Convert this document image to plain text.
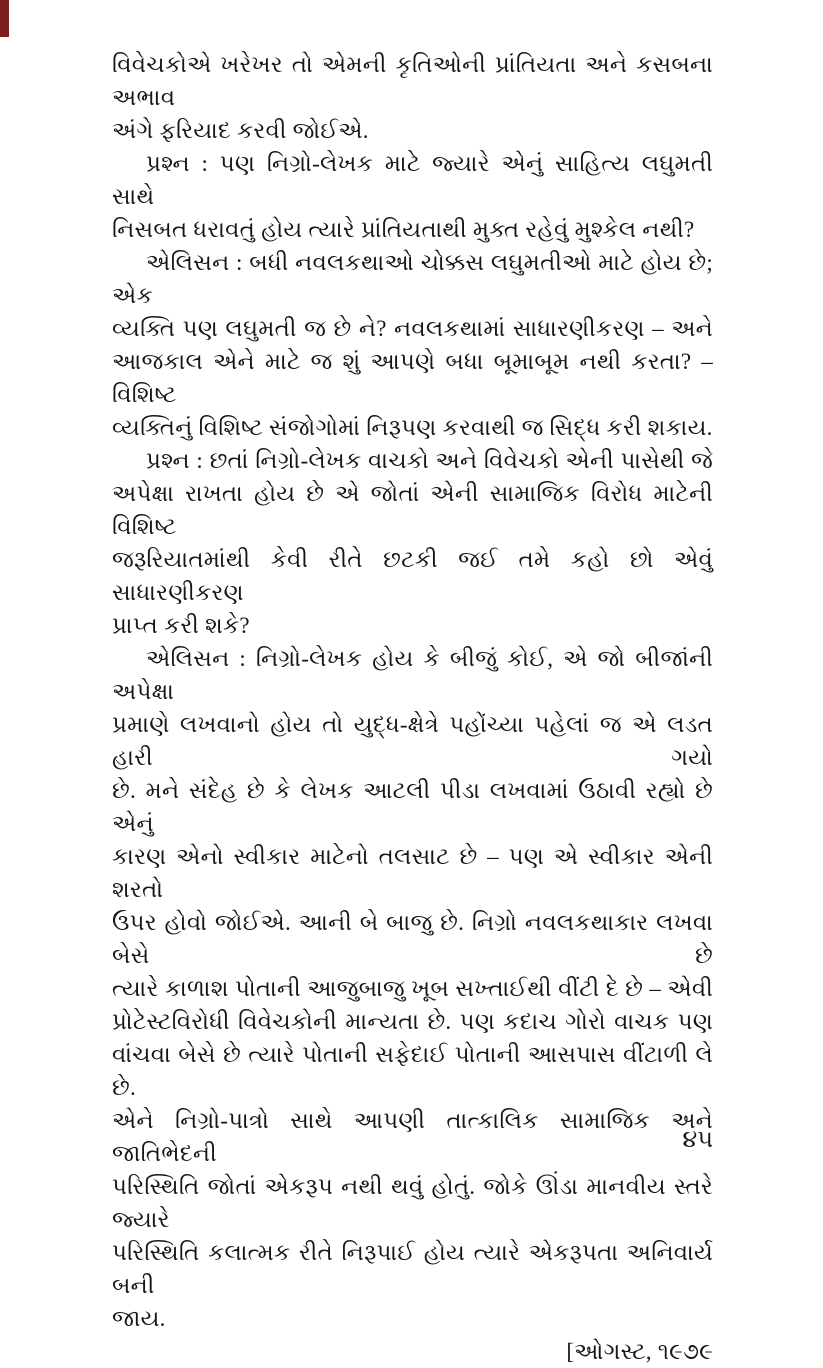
વિવેચકોએ ખરેખર તો એમની કૃતિઓની પ્રાંતિયતા અને કસબના અભાવ
અંગે ફરિયાદ કરવી જોઈએ.
પ્રશ્ન : પણ નિગ્રો-લેખક માટે જ્યારે એનું સાહિત્ય લઘુમતી સાથે
નિસબત ધરાવતું હોય ત્યારે પ્રાંતિયતાથી મુક્ત રહેવું મુશ્કેલ નથી?
એલિસન : બધી નવલકથાઓ ચોક્કસ લઘુમતીઓ માટે હોય છે; એક
વ્યક્તિ પણ લઘુમતી જ છે ને? નવલકથામાં સાધારણીકરણ – અને
આજકાલ એને માટે જ શું આપણે બધા બૂમાબૂમ નથી કરતા? – વિશિષ્ટ
વ્યક્તિનું વિશિષ્ટ સંજોગોમાં નિરૂપણ કરવાથી જ સિદ્ધ કરી શકાય.
પ્રશ્ન : છતાં નિગ્રો-લેખક વાચકો અને વિવેચકો એની પાસેથી જે
અપેક્ષા રાખતા હોય છે એ જોતાં એની સામાજિક વિરોધ માટેની વિશિષ્ટ
જરૂરિયાતમાંથી કેવી રીતે છટકી જઈ તમે કહો છો એવું સાધારણીકરણ
પ્રાપ્ત કરી શકે?
એલિસન : નિગ્રો-લેખક હોય કે બીજું કોઈ, એ જો બીજાંની અપેક્ષા
પ્રમાણે લખવાનો હોય તો યુદ્ધ-ક્ષેત્રે પહોંચ્યા પહેલાં જ એ લડત હારી ગયો
છે. મને સંદેહ છે કે લેખક આટલી પીડા લખવામાં ઉઠાવી રહ્યો છે એનું
કારણ એનો સ્વીકાર માટેનો તલસાટ છે – પણ એ સ્વીકાર એની શરતો
ઉપર હોવો જોઈએ. આની બે બાજુ છે. નિગ્રો નવલકથાકાર લખવા બેસે છે
ત્યારે કાળાશ પોતાની આજુબાજુ ખૂબ સખ્તાઈથી વીંટી દે છે – એવી
પ્રોટેસ્ટવિરોધી વિવેચકોની માન્યતા છે. પણ કદાચ ગોરો વાચક પણ
વાંચવા બેસે છે ત્યારે પોતાની સફેદાઈ પોતાની આસપાસ વીંટાળી લે છે.
એને નિગ્રો-પાત્રો સાથે આપણી તાત્કાલિક સામાજિક અને જાતિભેદની
પરિસ્થિતિ જોતાં એકરૂપ નથી થવું હોતું. જોકે ઊંડા માનવીય સ્તરે જ્યારે
પરિસ્થિતિ કલાત્મક રીતે નિરૂપાઈ હોય ત્યારે એકરૂપતા અનિવાર્ય બની
જાય.
[ઓગસ્ટ, ૧૯૭૯
૪૫
